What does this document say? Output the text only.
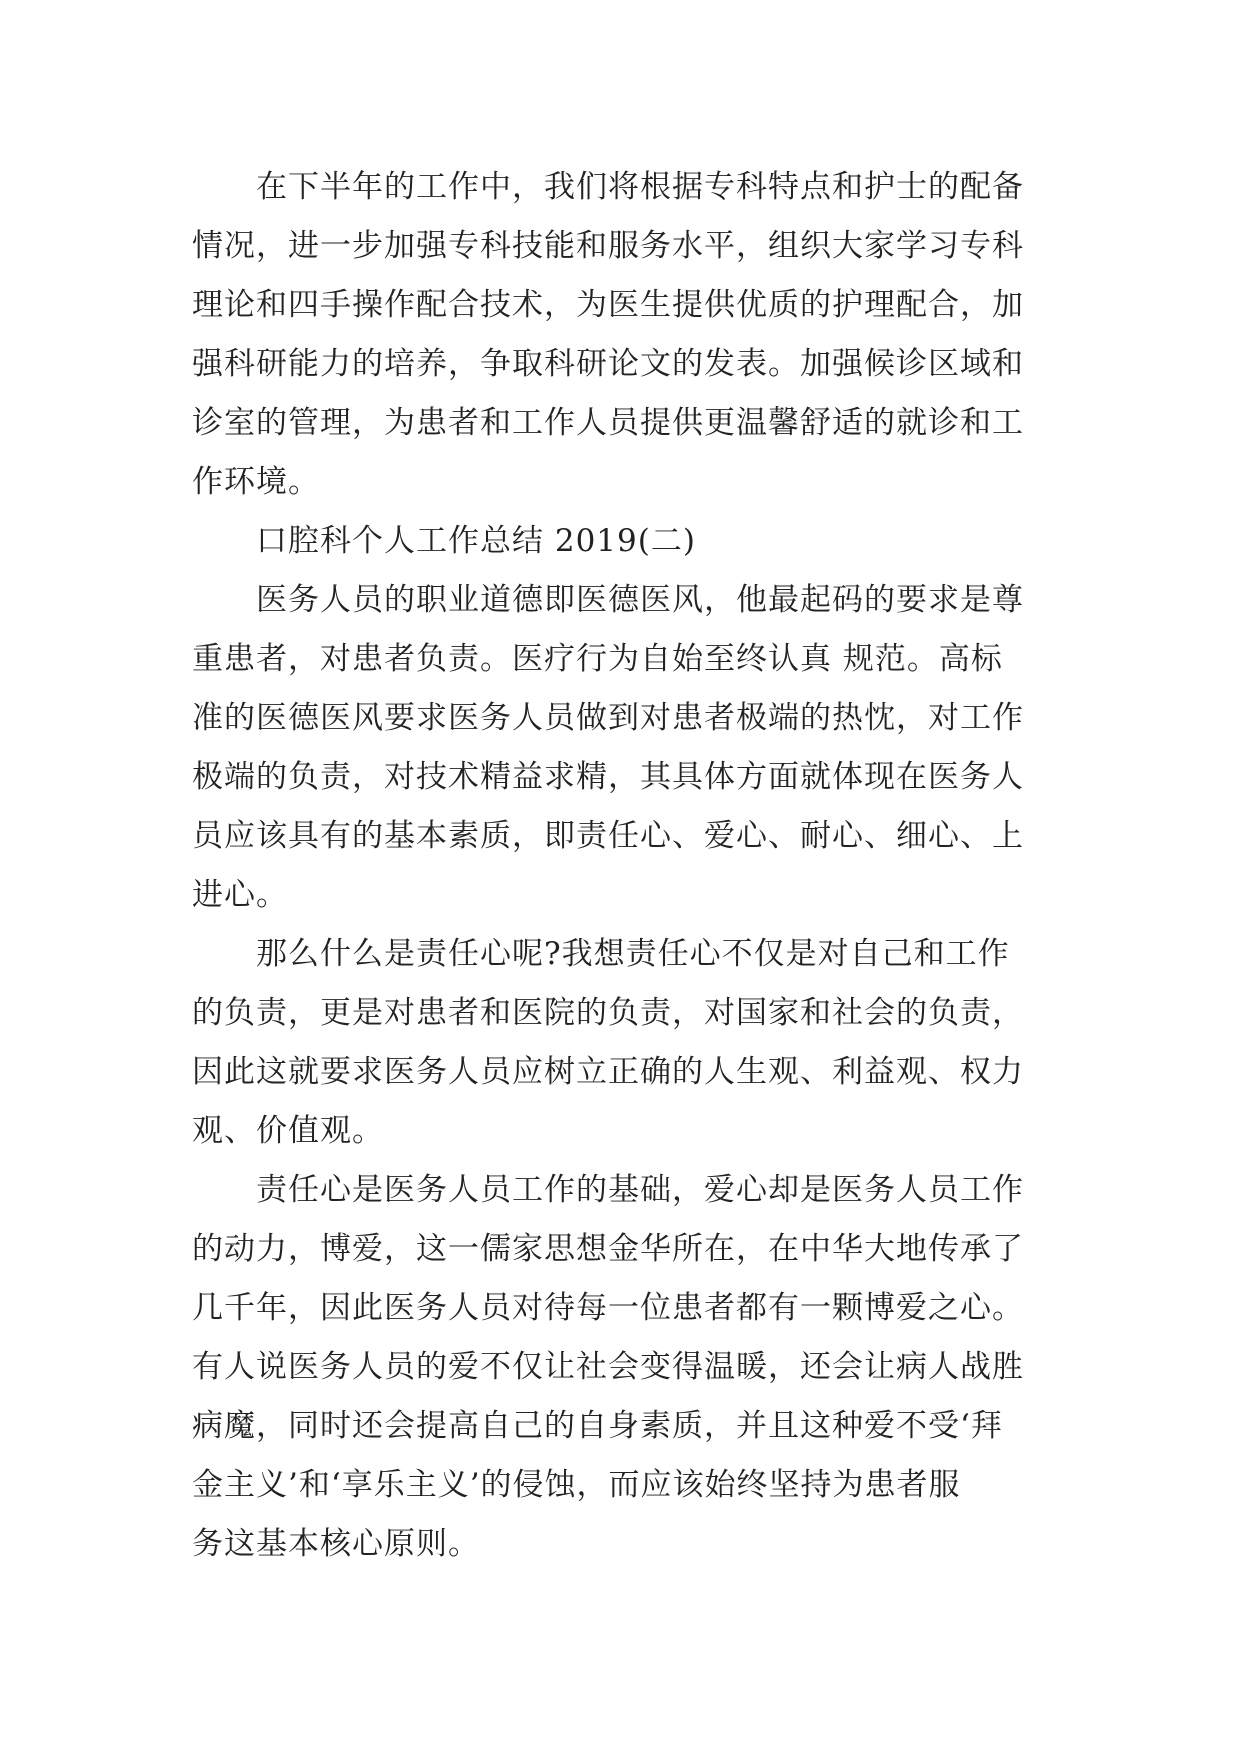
在下半年的工作中，我们将根据专科特点和护士的配备
情况，进一步加强专科技能和服务水平，组织大家学习专科
理论和四手操作配合技术，为医生提供优质的护理配合，加
强科研能力的培养，争取科研论文的发表。加强候诊区域和
诊室的管理，为患者和工作人员提供更温馨舒适的就诊和工
作环境。

口腔科个人工作总结 2019(二)

医务人员的职业道德即医德医风，他最起码的要求是尊
重患者，对患者负责。医疗行为自始至终认真 规范。高标
准的医德医风要求医务人员做到对患者极端的热忱，对工作
极端的负责，对技术精益求精，其具体方面就体现在医务人
员应该具有的基本素质，即责任心、爱心、耐心、细心、上
进心。

那么什么是责任心呢?我想责任心不仅是对自己和工作
的负责，更是对患者和医院的负责，对国家和社会的负责，
因此这就要求医务人员应树立正确的人生观、利益观、权力
观、价值观。

责任心是医务人员工作的基础，爱心却是医务人员工作
的动力，博爱，这一儒家思想金华所在，在中华大地传承了
几千年，因此医务人员对待每一位患者都有一颗博爱之心。
有人说医务人员的爱不仅让社会变得温暖，还会让病人战胜
病魔，同时还会提高自己的自身素质，并且这种爱不受‘拜
金主义’和‘享乐主义’的侵蚀，而应该始终坚持为患者服
务这基本核心原则。
